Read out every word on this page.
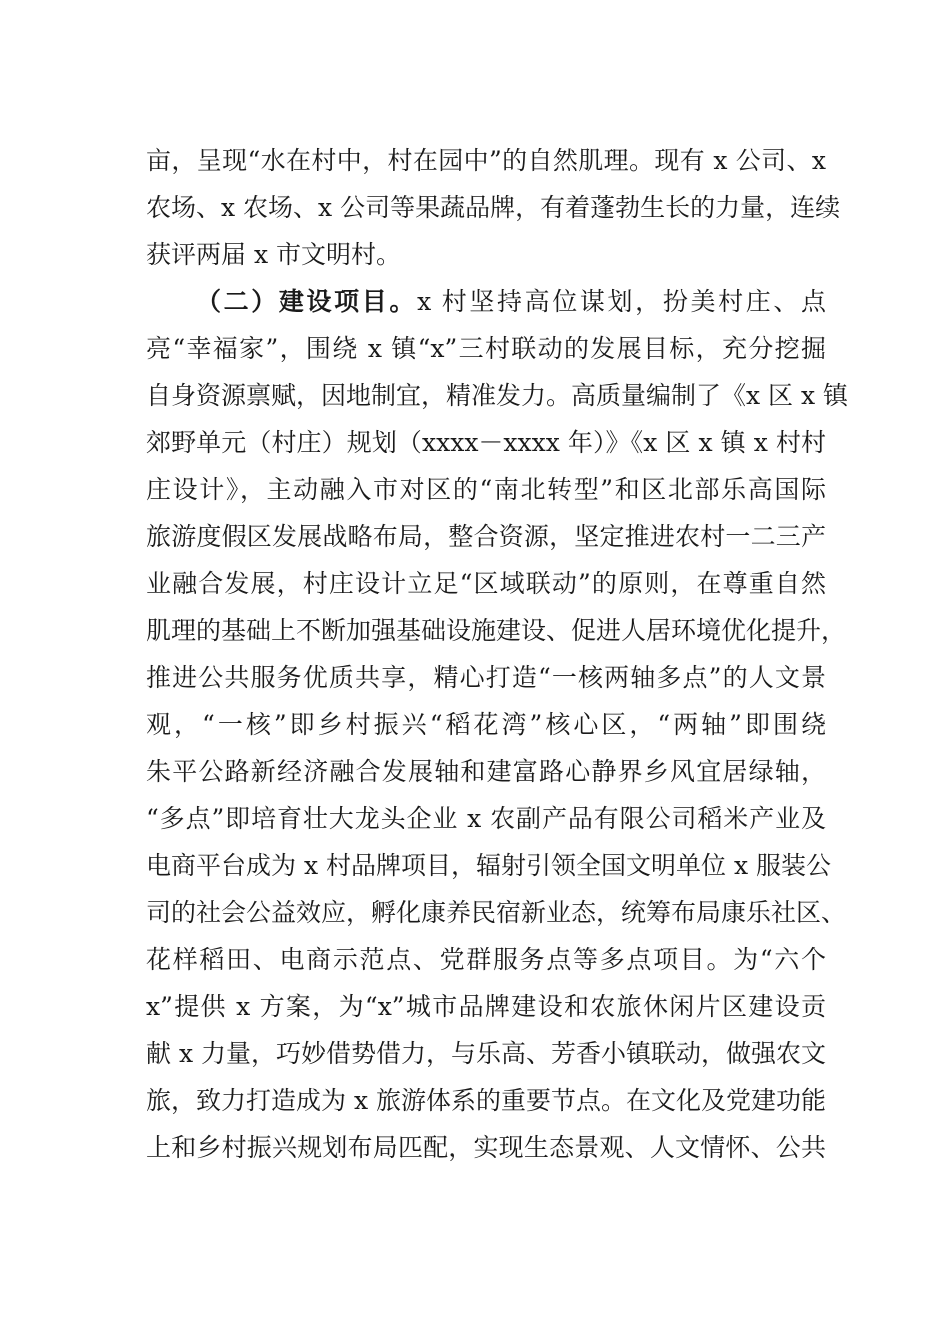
亩，呈现“水在村中，村在园中”的自然肌理。现有 x 公司、x
农场、x 农场、x 公司等果蔬品牌，有着蓬勃生长的力量，连续
获评两届 x 市文明村。
（二）建设项目。x 村坚持高位谋划，扮美村庄、点
亮“幸福家”，围绕 x 镇“x”三村联动的发展目标，充分挖掘
自身资源禀赋，因地制宜，精准发力。高质量编制了《x 区 x 镇
郊野单元（村庄）规划（xxxx－xxxx 年）》《x 区 x 镇 x 村村
庄设计》，主动融入市对区的“南北转型”和区北部乐高国际
旅游度假区发展战略布局，整合资源，坚定推进农村一二三产
业融合发展，村庄设计立足“区域联动”的原则，在尊重自然
肌理的基础上不断加强基础设施建设、促进人居环境优化提升，
推进公共服务优质共享，精心打造“一核两轴多点”的人文景
观，“一核”即乡村振兴“稻花湾”核心区，“两轴”即围绕
朱平公路新经济融合发展轴和建富路心静界乡风宜居绿轴，
“多点”即培育壮大龙头企业 x 农副产品有限公司稻米产业及
电商平台成为 x 村品牌项目，辐射引领全国文明单位 x 服装公
司的社会公益效应，孵化康养民宿新业态，统筹布局康乐社区、
花样稻田、电商示范点、党群服务点等多点项目。为“六个
x”提供 x 方案，为“x”城市品牌建设和农旅休闲片区建设贡
献 x 力量，巧妙借势借力，与乐高、芳香小镇联动，做强农文
旅，致力打造成为 x 旅游体系的重要节点。在文化及党建功能
上和乡村振兴规划布局匹配，实现生态景观、人文情怀、公共
